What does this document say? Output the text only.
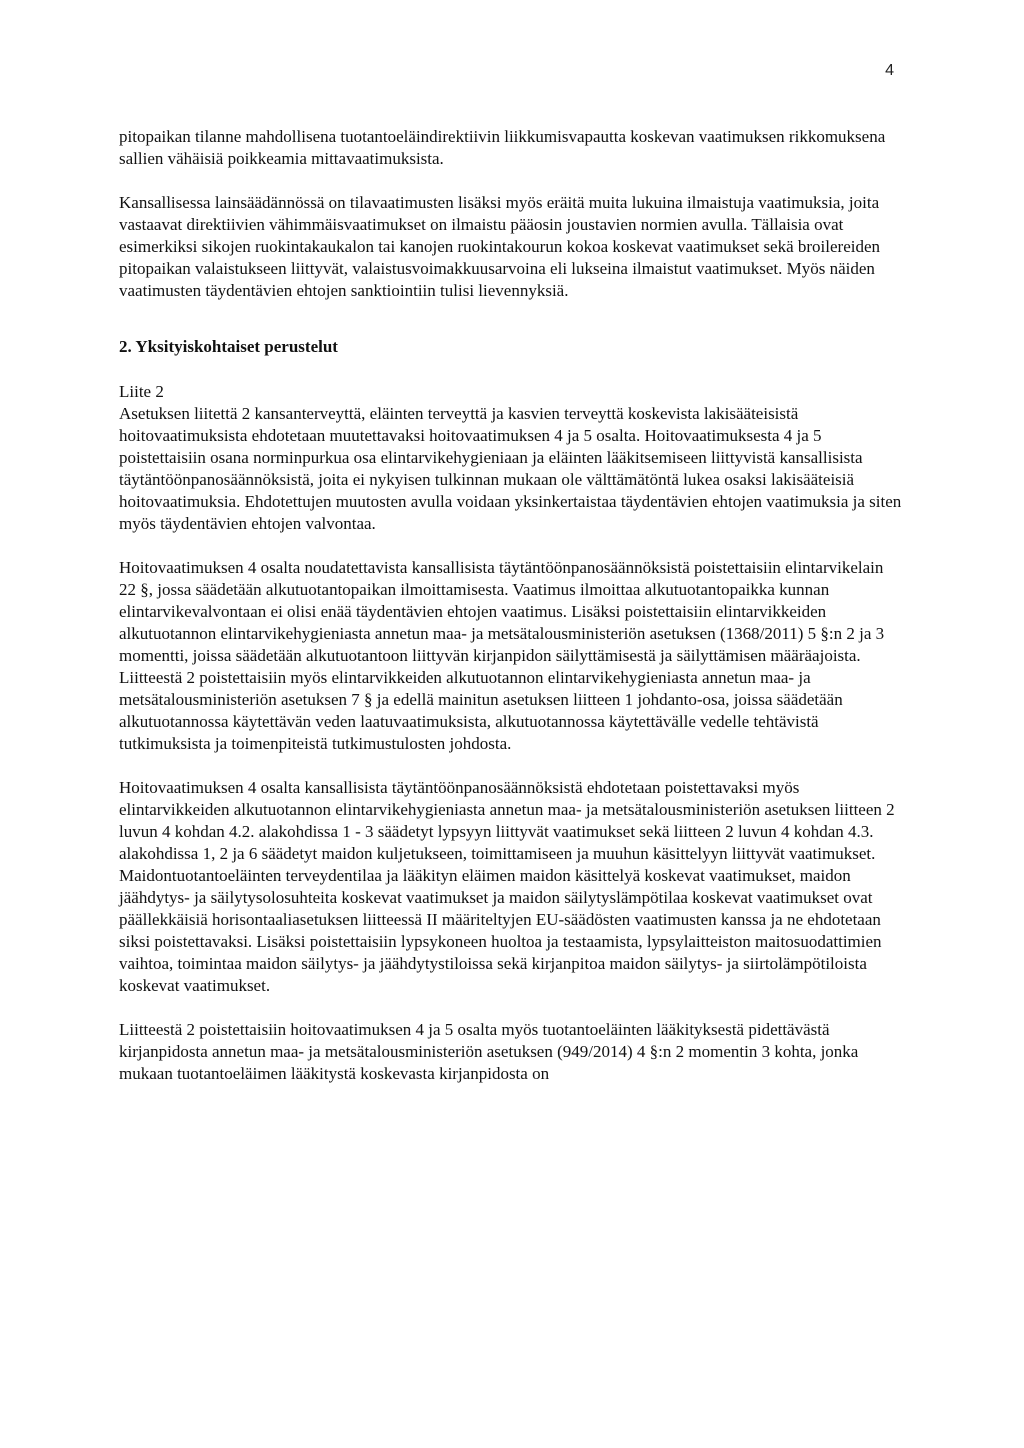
4

pitopaikan tilanne mahdollisena tuotantoeläindirektiivin liikkumisvapautta koskevan vaatimuksen rikkomuksena sallien vähäisiä poikkeamia mittavaatimuksista.

Kansallisessa lainsäädännössä on tilavaatimusten lisäksi myös eräitä muita lukuina ilmaistuja vaatimuksia, joita vastaavat direktiivien vähimmäisvaatimukset on ilmaistu pääosin joustavien normien avulla. Tällaisia ovat esimerkiksi sikojen ruokintakaukalon tai kanojen ruokintakourun kokoa koskevat vaatimukset sekä broilereiden pitopaikan valaistukseen liittyvät, valaistusvoimakkuusarvoina eli lukseina ilmaistut vaatimukset. Myös näiden vaatimusten täydentävien ehtojen sanktiointiin tulisi lievennyksiä.

2. Yksityiskohtaiset perustelut

Liite 2

Asetuksen liitettä 2 kansanterveyttä, eläinten terveyttä ja kasvien terveyttä koskevista lakisääteisistä hoitovaatimuksista ehdotetaan muutettavaksi hoitovaatimuksen 4 ja 5 osalta. Hoitovaatimuksesta 4 ja 5 poistettaisiin osana norminpurkua osa elintarvikehygieniaan ja eläinten lääkitsemiseen liittyvistä kansallisista täytäntöönpanosäännöksistä, joita ei nykyisen tulkinnan mukaan ole välttämätöntä lukea osaksi lakisääteisiä hoitovaatimuksia. Ehdotettujen muutosten avulla voidaan yksinkertaistaa täydentävien ehtojen vaatimuksia ja siten myös täydentävien ehtojen valvontaa.

Hoitovaatimuksen 4 osalta noudatettavista kansallisista täytäntöönpanosäännöksistä poistettaisiin elintarvikelain 22 §, jossa säädetään alkutuotantopaikan ilmoittamisesta. Vaatimus ilmoittaa alkutuotantopaikka kunnan elintarvikevalvontaan ei olisi enää täydentävien ehtojen vaatimus. Lisäksi poistettaisiin elintarvikkeiden alkutuotannon elintarvikehygieniasta annetun maa- ja metsätalousministeriön asetuksen (1368/2011) 5 §:n 2 ja 3 momentti, joissa säädetään alkutuotantoon liittyvän kirjanpidon säilyttämisestä ja säilyttämisen määräajoista. Liitteestä 2 poistettaisiin myös elintarvikkeiden alkutuotannon elintarvikehygieniasta annetun maa- ja metsätalousministeriön asetuksen 7 § ja edellä mainitun asetuksen liitteen 1 johdanto-osa, joissa säädetään alkutuotannossa käytettävän veden laatuvaatimuksista, alkutuotannossa käytettävälle vedelle tehtävistä tutkimuksista ja toimenpiteistä tutkimustulosten johdosta.

Hoitovaatimuksen 4 osalta kansallisista täytäntöönpanosäännöksistä ehdotetaan poistettavaksi myös elintarvikkeiden alkutuotannon elintarvikehygieniasta annetun maa- ja metsätalousministeriön asetuksen liitteen 2 luvun 4 kohdan 4.2. alakohdissa 1 - 3 säädetyt lypsyyn liittyvät vaatimukset sekä liitteen 2 luvun 4 kohdan 4.3. alakohdissa 1, 2 ja 6 säädetyt maidon kuljetukseen, toimittamiseen ja muuhun käsittelyyn liittyvät vaatimukset. Maidontuotantoeläinten terveydentilaa ja lääkityn eläimen maidon käsittelyä koskevat vaatimukset, maidon jäähdytys- ja säilytysolosuhteita koskevat vaatimukset ja maidon säilytyslämpötilaa koskevat vaatimukset ovat päällekkäisiä horisontaaliasetuksen liitteessä II määriteltyjen EU-säädösten vaatimusten kanssa ja ne ehdotetaan siksi poistettavaksi. Lisäksi poistettaisiin lypsykoneen huoltoa ja testaamista, lypsylaitteiston maitosuodattimien vaihtoa, toimintaa maidon säilytys- ja jäähdytystiloissa sekä kirjanpitoa maidon säilytys- ja siirtolämpötiloista koskevat vaatimukset.

Liitteestä 2 poistettaisiin hoitovaatimuksen 4 ja 5 osalta myös tuotantoeläinten lääkityksestä pidettävästä kirjanpidosta annetun maa- ja metsätalousministeriön asetuksen (949/2014) 4 §:n 2 momentin 3 kohta, jonka mukaan tuotantoeläimen lääkitystä koskevasta kirjanpidosta on
